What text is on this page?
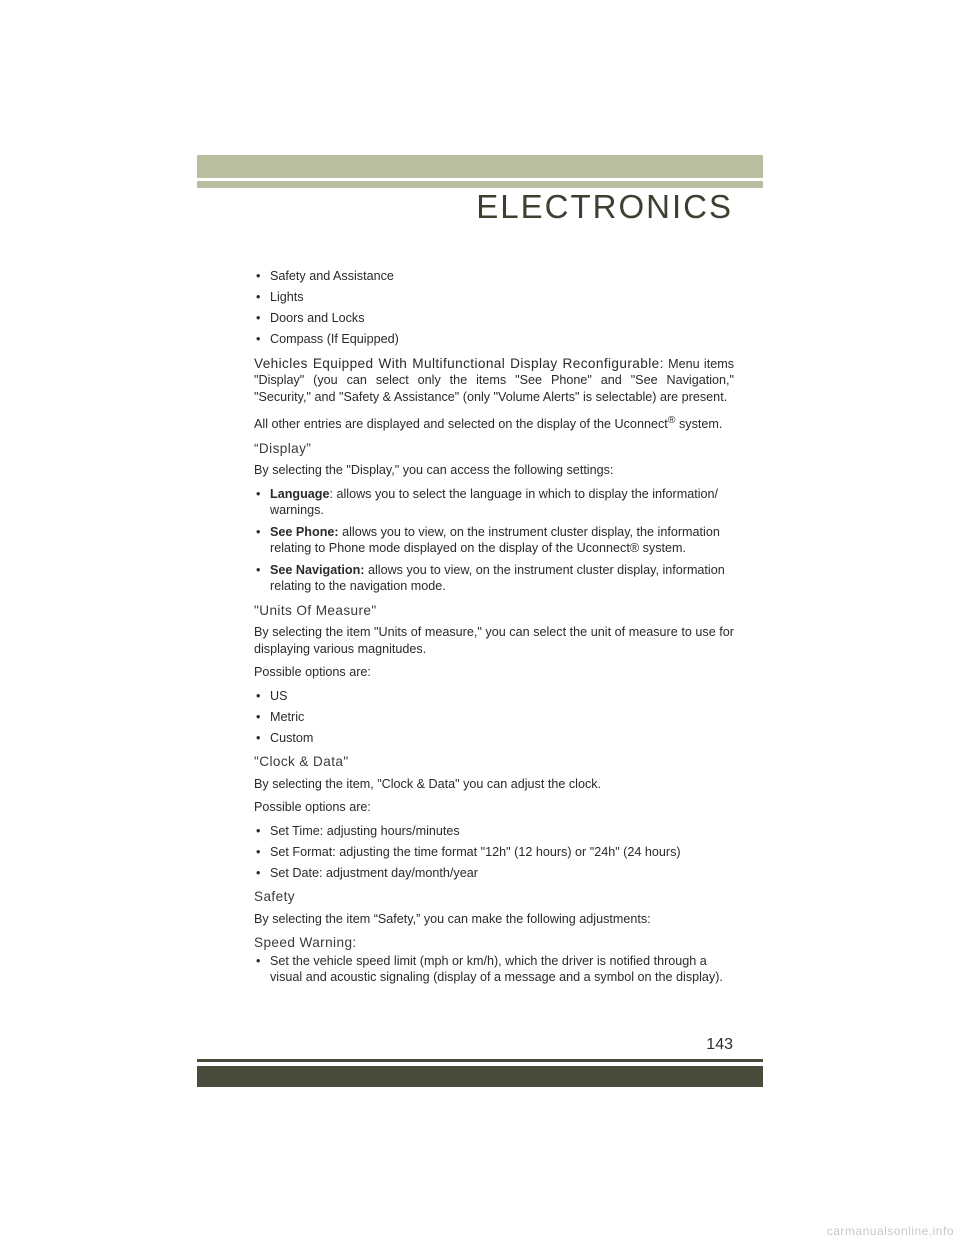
ELECTRONICS
• Safety and Assistance
• Lights
• Doors and Locks
• Compass (If Equipped)
Vehicles Equipped With Multifunctional Display Reconfigurable: Menu items "Display" (you can select only the items "See Phone" and "See Navigation," "Security," and "Safety & Assistance" (only "Volume Alerts" is selectable) are present.
All other entries are displayed and selected on the display of the Uconnect® system.
“Display”
By selecting the "Display," you can access the following settings:
• Language: allows you to select the language in which to display the information/ warnings.
• See Phone: allows you to view, on the instrument cluster display, the information relating to Phone mode displayed on the display of the Uconnect® system.
• See Navigation: allows you to view, on the instrument cluster display, information relating to the navigation mode.
"Units Of Measure"
By selecting the item "Units of measure," you can select the unit of measure to use for displaying various magnitudes.
Possible options are:
• US
• Metric
• Custom
"Clock & Data"
By selecting the item, "Clock & Data" you can adjust the clock.
Possible options are:
• Set Time: adjusting hours/minutes
• Set Format: adjusting the time format "12h" (12 hours) or "24h" (24 hours)
• Set Date: adjustment day/month/year
Safety
By selecting the item “Safety,” you can make the following adjustments:
Speed Warning:
• Set the vehicle speed limit (mph or km/h), which the driver is notified through a visual and acoustic signaling (display of a message and a symbol on the display).
143
carmanualsonline.info
